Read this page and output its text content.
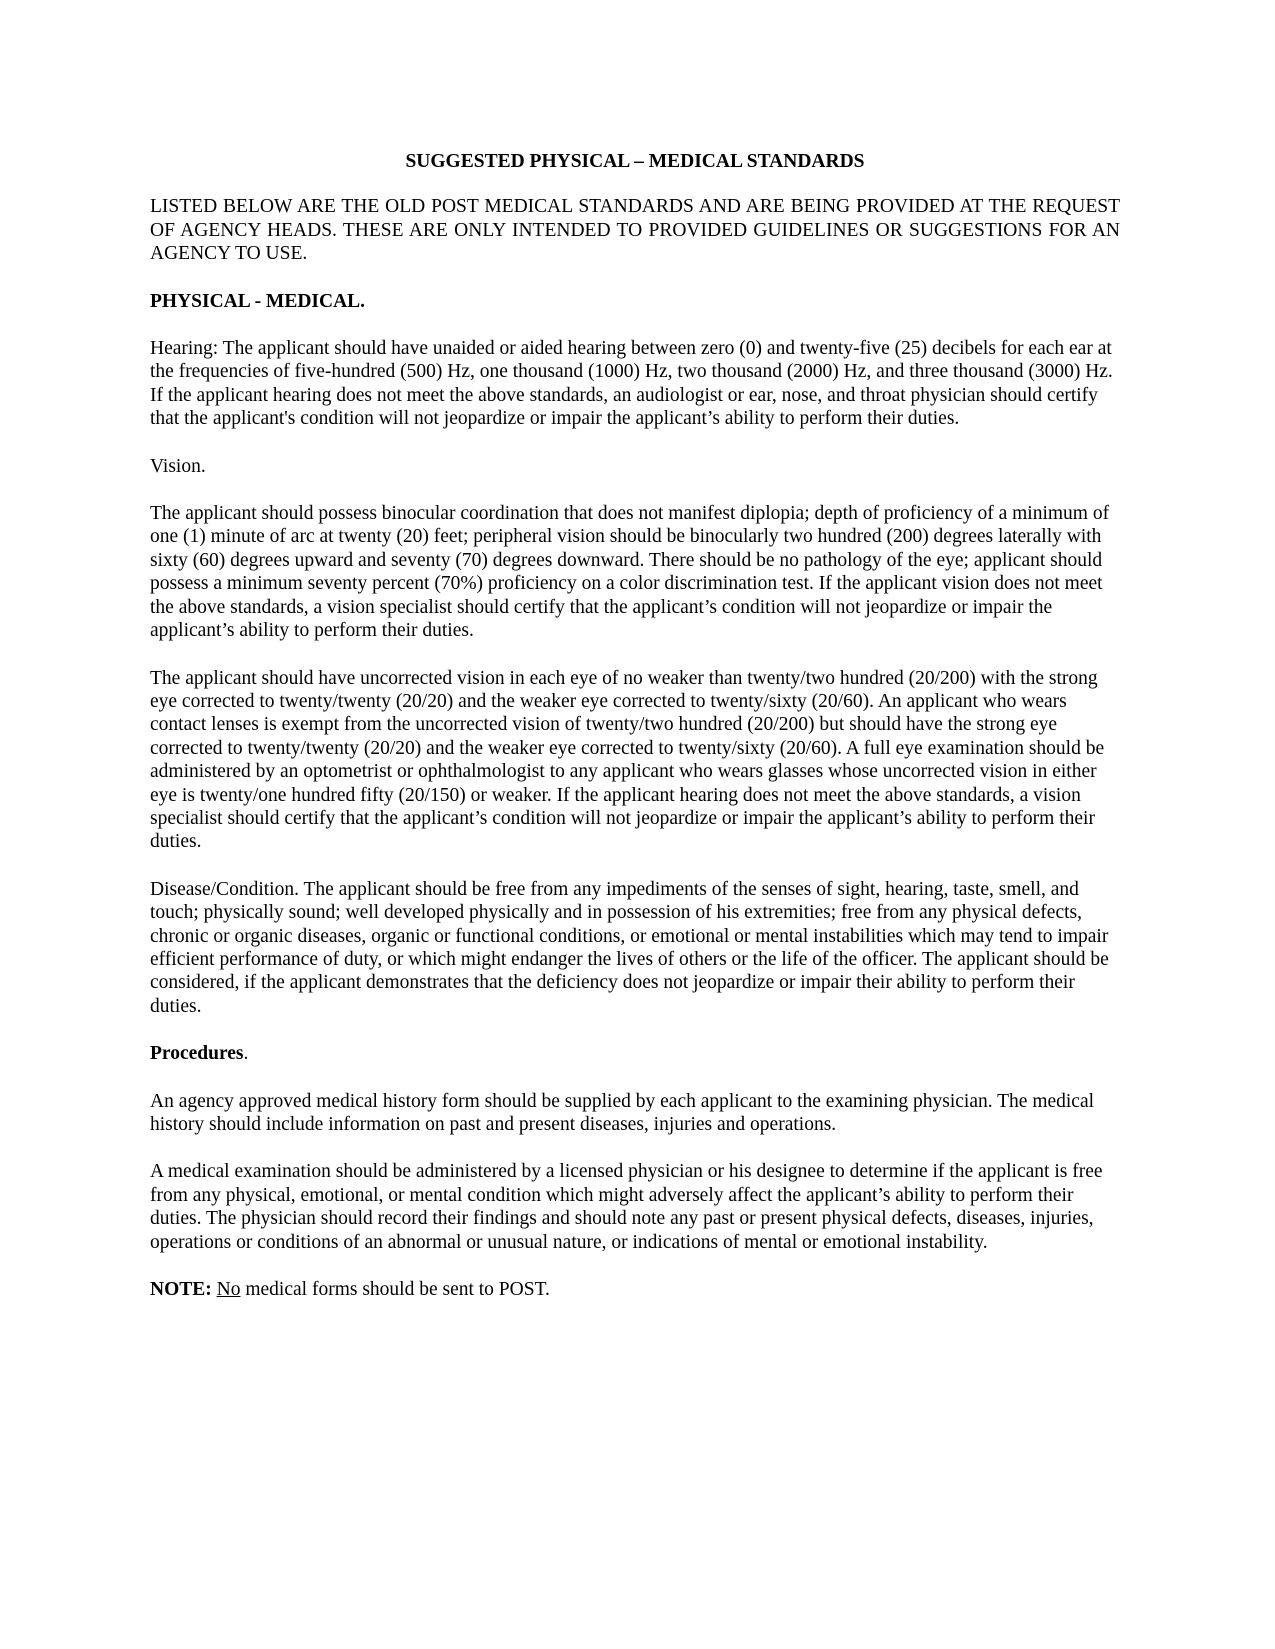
SUGGESTED PHYSICAL – MEDICAL STANDARDS
LISTED BELOW ARE THE OLD POST MEDICAL STANDARDS AND ARE BEING PROVIDED AT THE REQUEST OF AGENCY HEADS. THESE ARE ONLY INTENDED TO PROVIDED GUIDELINES OR SUGGESTIONS FOR AN AGENCY TO USE.
PHYSICAL - MEDICAL.
Hearing: The applicant should have unaided or aided hearing between zero (0) and twenty-five (25) decibels for each ear at the frequencies of five-hundred (500) Hz, one thousand (1000) Hz, two thousand (2000) Hz, and three thousand (3000) Hz. If the applicant hearing does not meet the above standards, an audiologist or ear, nose, and throat physician should certify that the applicant's condition will not jeopardize or impair the applicant’s ability to perform their duties.
Vision.
The applicant should possess binocular coordination that does not manifest diplopia; depth of proficiency of a minimum of one (1) minute of arc at twenty (20) feet; peripheral vision should be binocularly two hundred (200) degrees laterally with sixty (60) degrees upward and seventy (70) degrees downward. There should be no pathology of the eye; applicant should possess a minimum seventy percent (70%) proficiency on a color discrimination test. If the applicant vision does not meet the above standards, a vision specialist should certify that the applicant’s condition will not jeopardize or impair the applicant’s ability to perform their duties.
The applicant should have uncorrected vision in each eye of no weaker than twenty/two hundred (20/200) with the strong eye corrected to twenty/twenty (20/20) and the weaker eye corrected to twenty/sixty (20/60). An applicant who wears contact lenses is exempt from the uncorrected vision of twenty/two hundred (20/200) but should have the strong eye corrected to twenty/twenty (20/20) and the weaker eye corrected to twenty/sixty (20/60). A full eye examination should be administered by an optometrist or ophthalmologist to any applicant who wears glasses whose uncorrected vision in either eye is twenty/one hundred fifty (20/150) or weaker. If the applicant hearing does not meet the above standards, a vision specialist should certify that the applicant’s condition will not jeopardize or impair the applicant’s ability to perform their duties.
Disease/Condition. The applicant should be free from any impediments of the senses of sight, hearing, taste, smell, and touch; physically sound; well developed physically and in possession of his extremities; free from any physical defects, chronic or organic diseases, organic or functional conditions, or emotional or mental instabilities which may tend to impair efficient performance of duty, or which might endanger the lives of others or the life of the officer. The applicant should be considered, if the applicant demonstrates that the deficiency does not jeopardize or impair their ability to perform their duties.
Procedures.
An agency approved medical history form should be supplied by each applicant to the examining physician. The medical history should include information on past and present diseases, injuries and operations.
A medical examination should be administered by a licensed physician or his designee to determine if the applicant is free from any physical, emotional, or mental condition which might adversely affect the applicant’s ability to perform their duties. The physician should record their findings and should note any past or present physical defects, diseases, injuries, operations or conditions of an abnormal or unusual nature, or indications of mental or emotional instability.
NOTE: No medical forms should be sent to POST.
